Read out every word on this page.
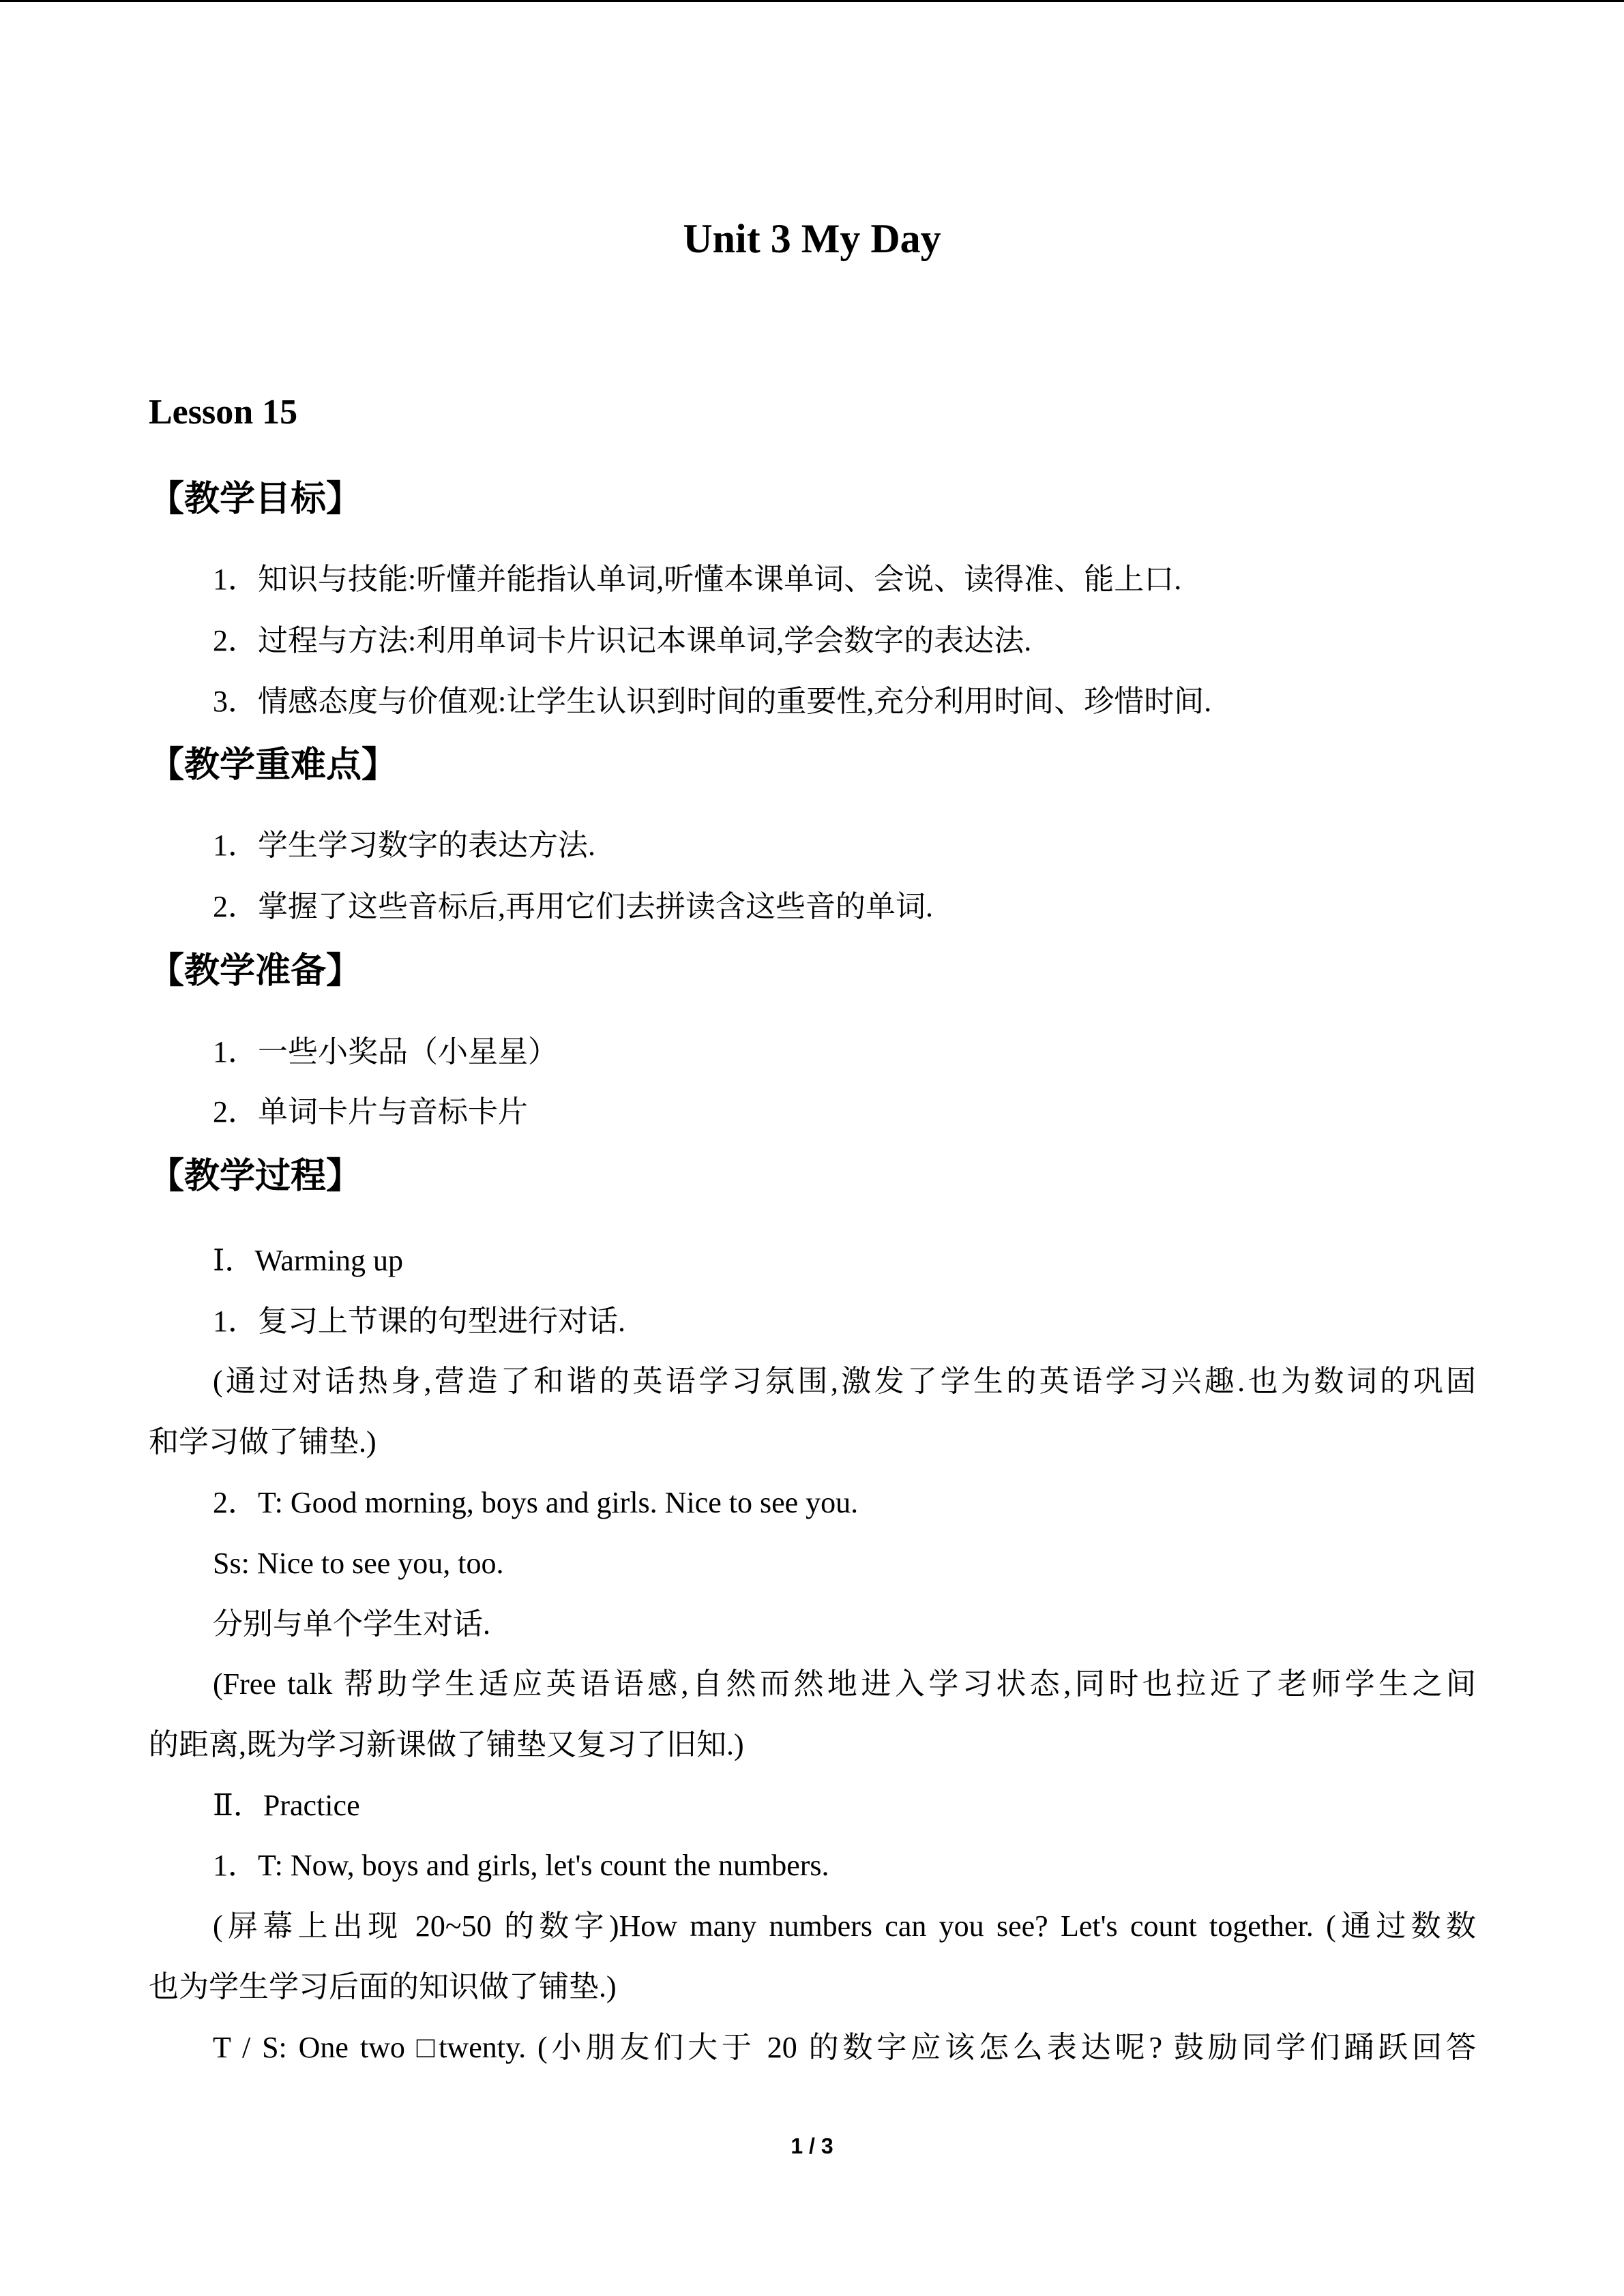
Unit 3 My Day
Lesson 15
【教学目标】

1．知识与技能:听懂并能指认单词,听懂本课单词、会说、读得准、能上口.

2．过程与方法:利用单词卡片识记本课单词,学会数字的表达法.

3．情感态度与价值观:让学生认识到时间的重要性,充分利用时间、珍惜时间.

【教学重难点】

1．学生学习数字的表达方法.

2．掌握了这些音标后,再用它们去拼读含这些音的单词.

【教学准备】

1．一些小奖品（小星星）

2．单词卡片与音标卡片

【教学过程】

Ⅰ．Warming up

1．复习上节课的句型进行对话.

(通过对话热身,营造了和谐的英语学习氛围,激发了学生的英语学习兴趣.也为数词的巩固

和学习做了铺垫.)

2．T: Good morning, boys and girls. Nice to see you.

Ss: Nice to see you, too.

分别与单个学生对话.

(Free talk 帮助学生适应英语语感,自然而然地进入学习状态,同时也拉近了老师学生之间

的距离,既为学习新课做了铺垫又复习了旧知.)

Ⅱ．Practice

1．T: Now, boys and girls, let's count the numbers.

(屏幕上出现 20~50 的数字)How many numbers can you see? Let's count together. (通过数数

也为学生学习后面的知识做了铺垫.)

T / S: One two □twenty. (小朋友们大于 20 的数字应该怎么表达呢? 鼓励同学们踊跃回答

1 / 3
